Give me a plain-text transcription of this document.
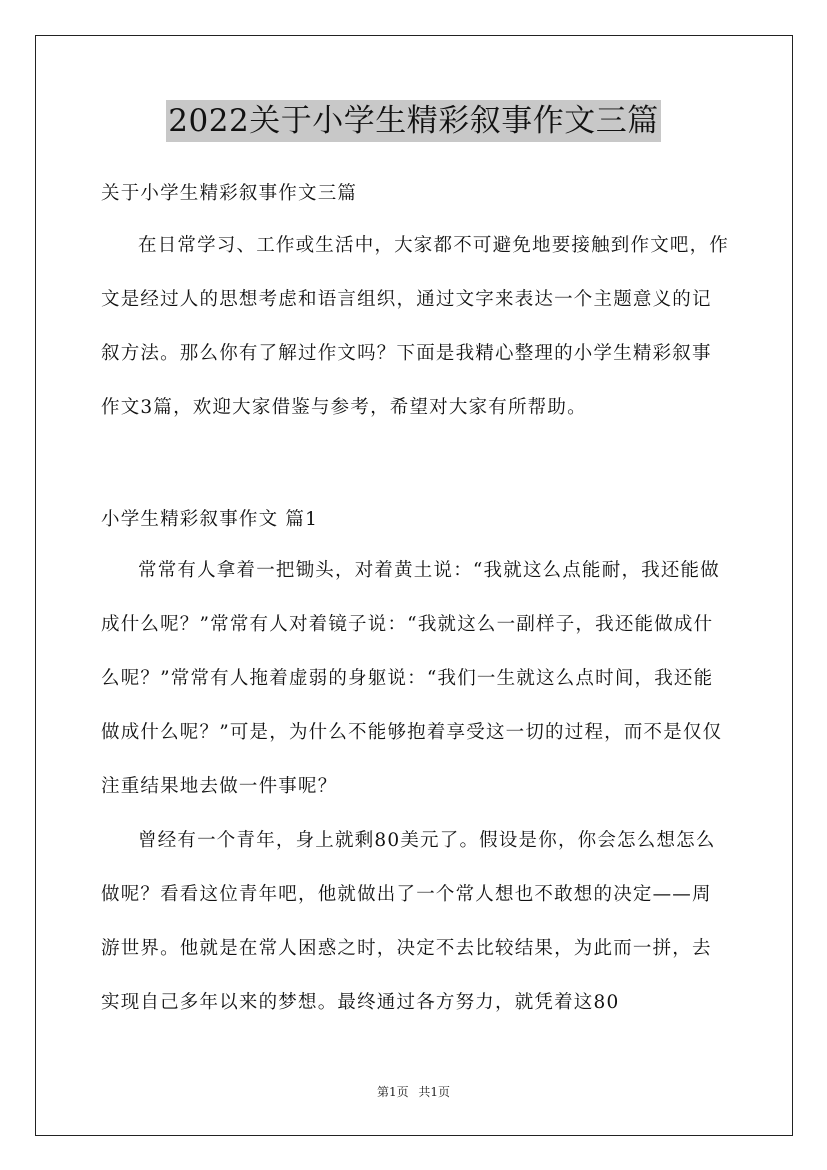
2022关于小学生精彩叙事作文三篇
关于小学生精彩叙事作文三篇

在日常学习、工作或生活中，大家都不可避免地要接触到作文吧，作文是经过人的思想考虑和语言组织，通过文字来表达一个主题意义的记叙方法。那么你有了解过作文吗？下面是我精心整理的小学生精彩叙事作文3篇，欢迎大家借鉴与参考，希望对大家有所帮助。

小学生精彩叙事作文 篇1

常常有人拿着一把锄头，对着黄土说：“我就这么点能耐，我还能做成什么呢？”常常有人对着镜子说：“我就这么一副样子，我还能做成什么呢？”常常有人拖着虚弱的身躯说：“我们一生就这么点时间，我还能做成什么呢？”可是，为什么不能够抱着享受这一切的过程，而不是仅仅注重结果地去做一件事呢？

曾经有一个青年，身上就剩80美元了。假设是你，你会怎么想怎么做呢？看看这位青年吧，他就做出了一个常人想也不敢想的决定——周游世界。他就是在常人困惑之时，决定不去比较结果，为此而一拼，去实现自己多年以来的梦想。最终通过各方努力，就凭着这80

第1页 共1页
